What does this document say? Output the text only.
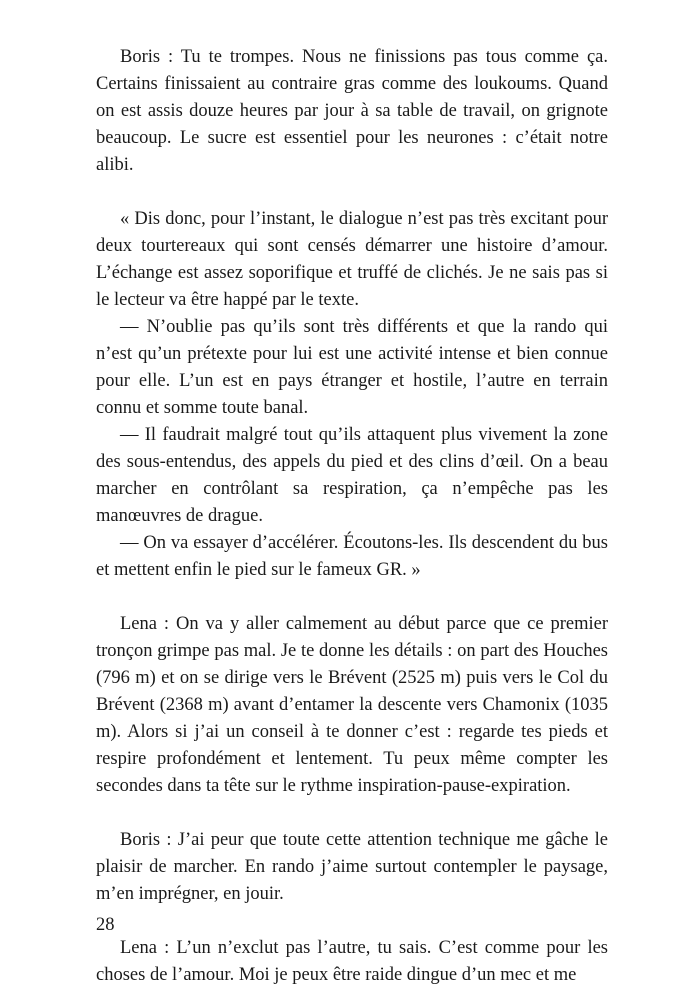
Boris : Tu te trompes. Nous ne finissions pas tous comme ça. Certains finissaient au contraire gras comme des loukoums. Quand on est assis douze heures par jour à sa table de travail, on grignote beaucoup. Le sucre est essentiel pour les neurones : c’était notre alibi.

« Dis donc, pour l’instant, le dialogue n’est pas très excitant pour deux tourtereaux qui sont censés démarrer une histoire d’amour. L’échange est assez soporifique et truffé de clichés. Je ne sais pas si le lecteur va être happé par le texte.

— N’oublie pas qu’ils sont très différents et que la rando qui n’est qu’un prétexte pour lui est une activité intense et bien connue pour elle. L’un est en pays étranger et hostile, l’autre en terrain connu et somme toute banal.

— Il faudrait malgré tout qu’ils attaquent plus vivement la zone des sous-entendus, des appels du pied et des clins d’œil. On a beau marcher en contrôlant sa respiration, ça n’empêche pas les manœuvres de drague.

— On va essayer d’accélérer. Écoutons-les. Ils descendent du bus et mettent enfin le pied sur le fameux GR. »

Lena : On va y aller calmement au début parce que ce premier tronçon grimpe pas mal. Je te donne les détails : on part des Houches (796 m) et on se dirige vers le Brévent (2525 m) puis vers le Col du Brévent (2368 m) avant d’entamer la descente vers Chamonix (1035 m). Alors si j’ai un conseil à te donner c’est : regarde tes pieds et respire profondément et lentement. Tu peux même compter les secondes dans ta tête sur le rythme inspiration-pause-expiration.

Boris : J’ai peur que toute cette attention technique me gâche le plaisir de marcher. En rando j’aime surtout contempler le paysage, m’en imprégner, en jouir.

Lena : L’un n’exclut pas l’autre, tu sais. C’est comme pour les choses de l’amour. Moi je peux être raide dingue d’un mec et me

28
